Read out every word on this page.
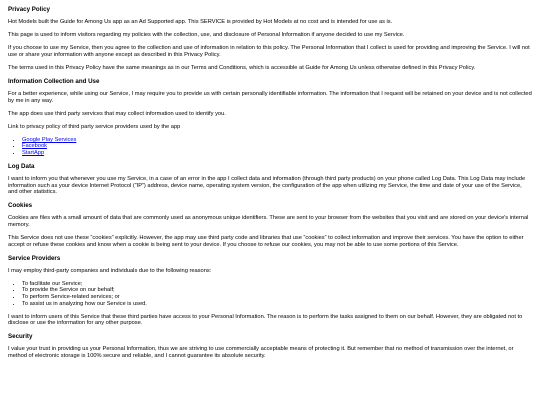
Privacy Policy

Hot Models built the Guide for Among Us app as an Ad Supported app. This SERVICE is provided by Hot Models at no cost and is intended for use as is.

This page is used to inform visitors regarding my policies with the collection, use, and disclosure of Personal Information if anyone decided to use my Service.

If you choose to use my Service, then you agree to the collection and use of information in relation to this policy. The Personal Information that I collect is used for providing and improving the Service. I will not use or share your information with anyone except as described in this Privacy Policy.

The terms used in this Privacy Policy have the same meanings as in our Terms and Conditions, which is accessible at Guide for Among Us unless otherwise defined in this Privacy Policy.

Information Collection and Use

For a better experience, while using our Service, I may require you to provide us with certain personally identifiable information. The information that I request will be retained on your device and is not collected by me in any way.

The app does use third party services that may collect information used to identify you.

Link to privacy policy of third party service providers used by the app

• Google Play Services
• Facebook
• StartApp
Log Data

I want to inform you that whenever you use my Service, in a case of an error in the app I collect data and information (through third party products) on your phone called Log Data. This Log Data may include information such as your device Internet Protocol (“IP”) address, device name, operating system version, the configuration of the app when utilizing my Service, the time and date of your use of the Service, and other statistics.

Cookies

Cookies are files with a small amount of data that are commonly used as anonymous unique identifiers. These are sent to your browser from the websites that you visit and are stored on your device's internal memory.

This Service does not use these “cookies” explicitly. However, the app may use third party code and libraries that use “cookies” to collect information and improve their services. You have the option to either accept or refuse these cookies and know when a cookie is being sent to your device. If you choose to refuse our cookies, you may not be able to use some portions of this Service.

Service Providers

I may employ third-party companies and individuals due to the following reasons:

• To facilitate our Service;
• To provide the Service on our behalf;
• To perform Service-related services; or
• To assist us in analyzing how our Service is used.

I want to inform users of this Service that these third parties have access to your Personal Information. The reason is to perform the tasks assigned to them on our behalf. However, they are obligated not to disclose or use the information for any other purpose.

Security

I value your trust in providing us your Personal Information, thus we are striving to use commercially acceptable means of protecting it. But remember that no method of transmission over the internet, or method of electronic storage is 100% secure and reliable, and I cannot guarantee its absolute security.
